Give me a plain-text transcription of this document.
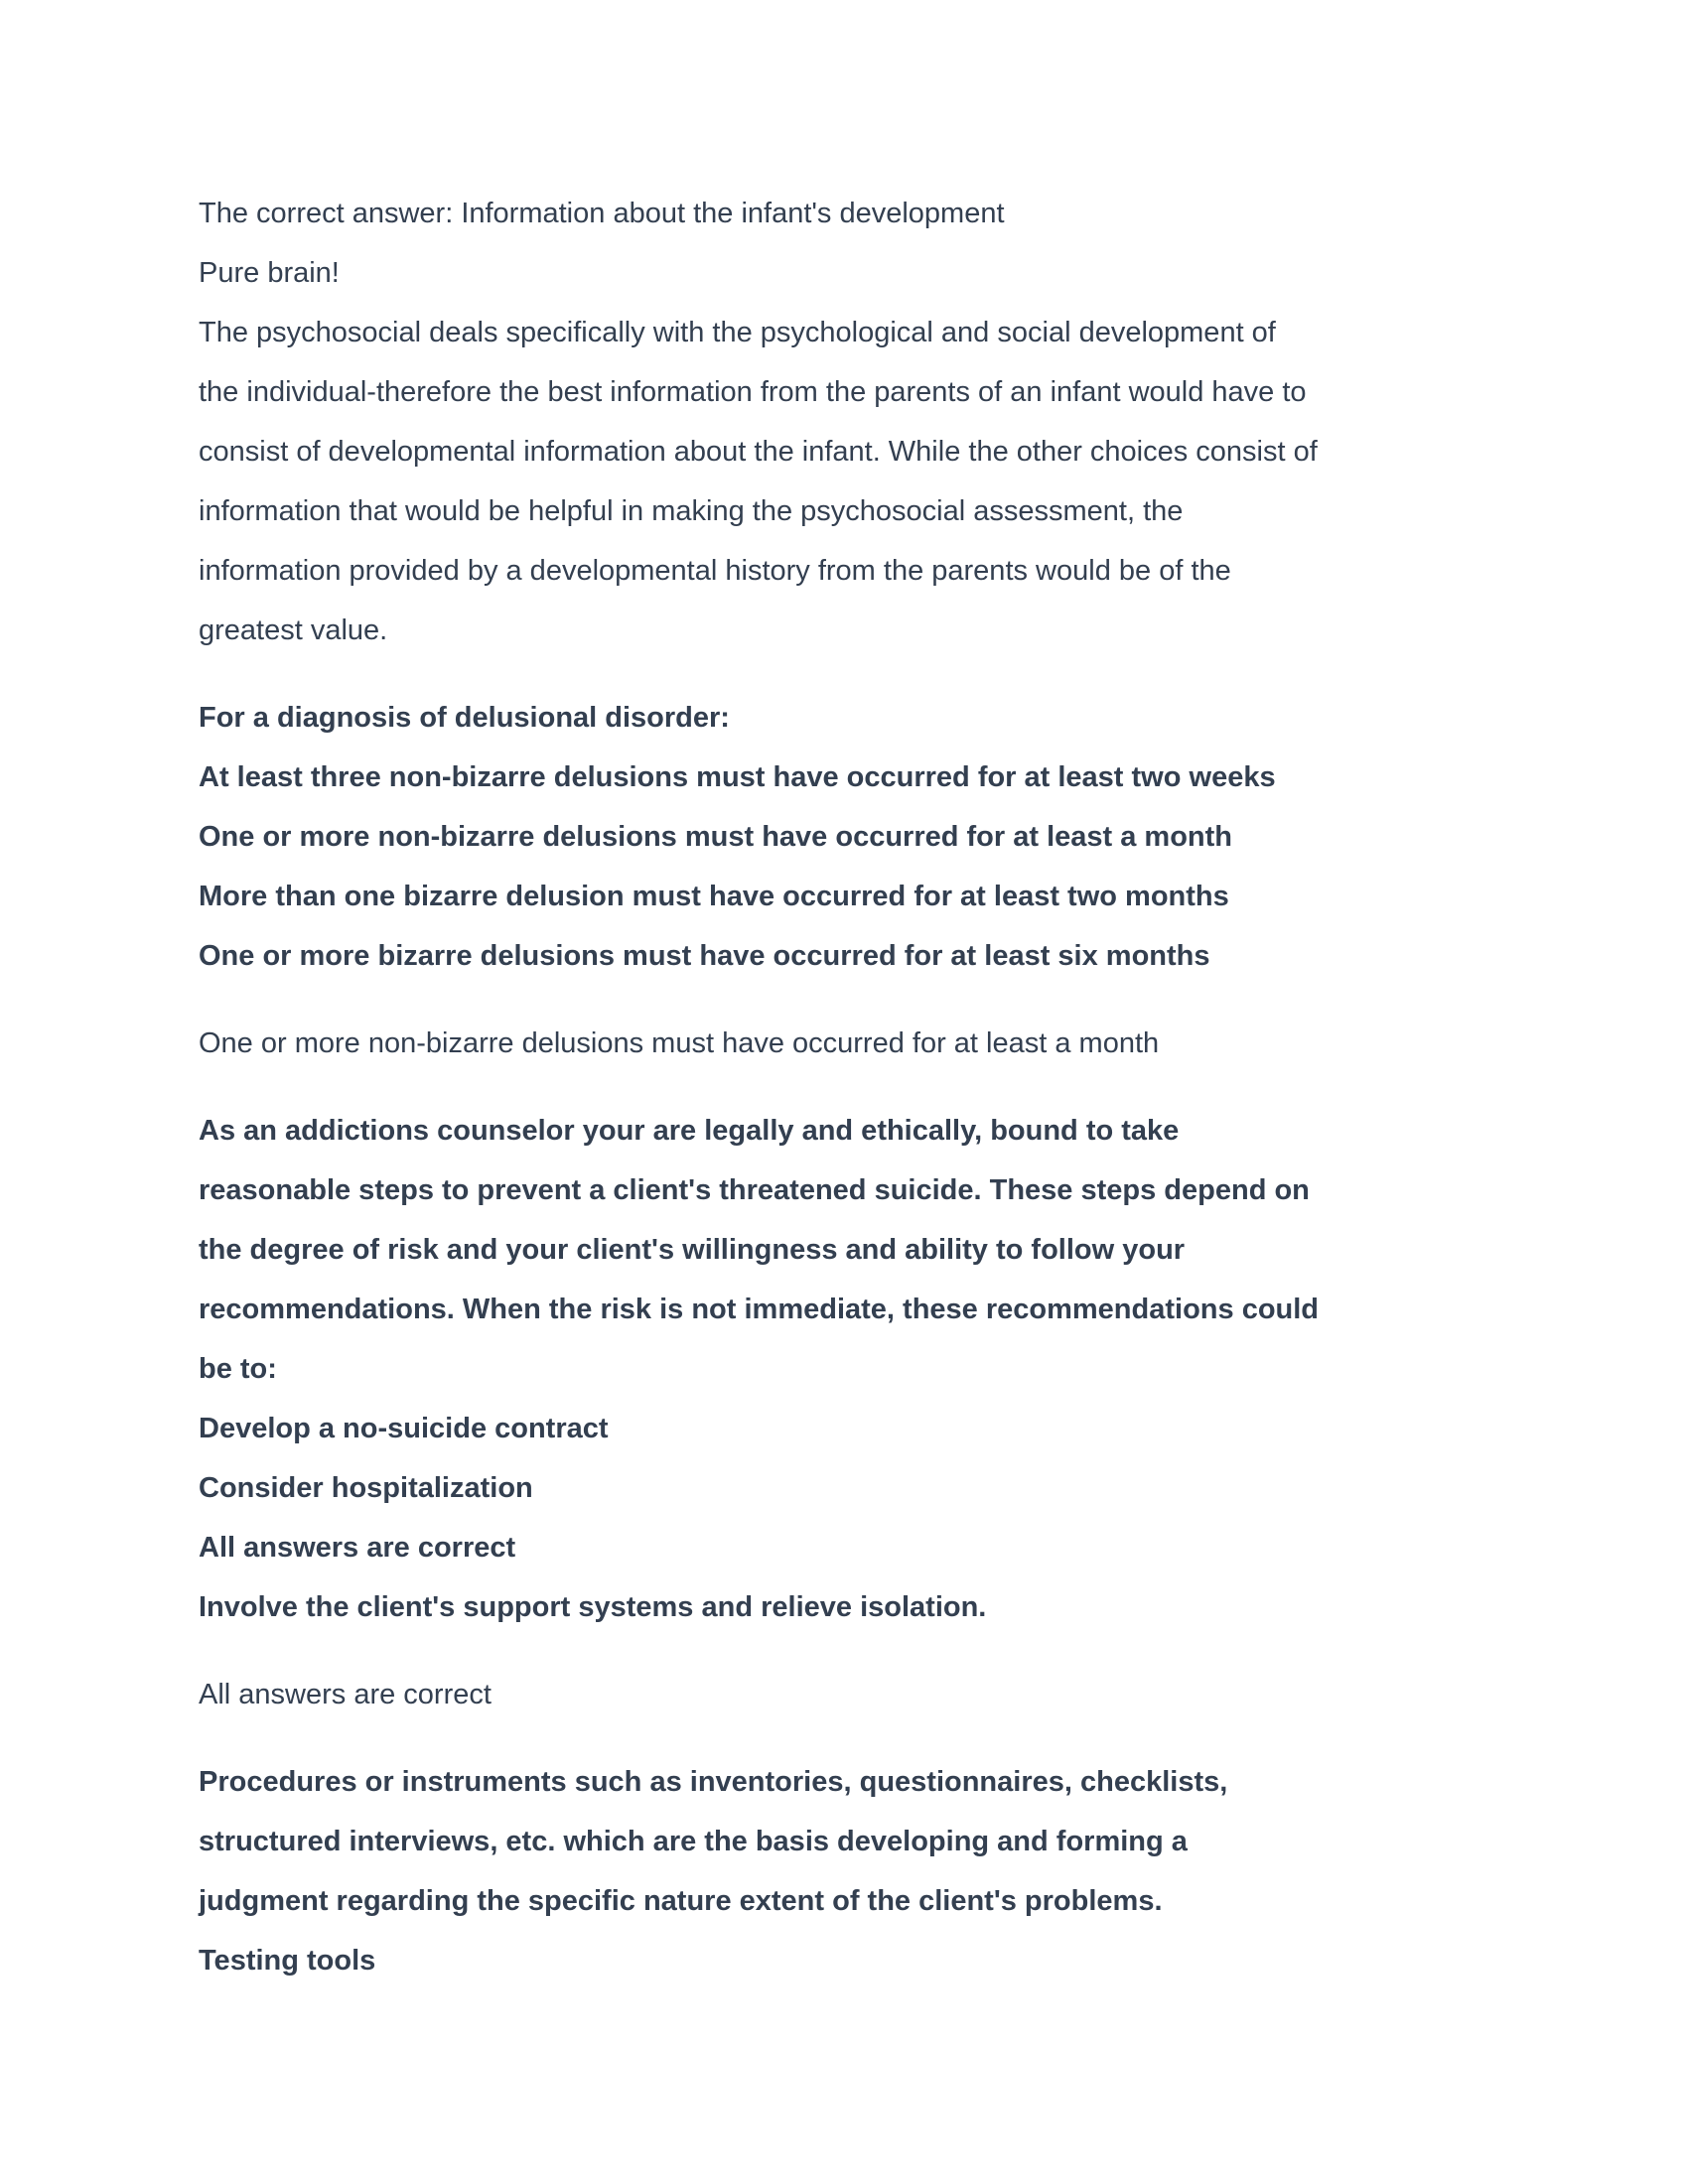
The correct answer: Information about the infant's development
Pure brain!
The psychosocial deals specifically with the psychological and social development of
the individual-therefore the best information from the parents of an infant would have to
consist of developmental information about the infant. While the other choices consist of
information that would be helpful in making the psychosocial assessment, the
information provided by a developmental history from the parents would be of the
greatest value.
For a diagnosis of delusional disorder:
At least three non-bizarre delusions must have occurred for at least two weeks
One or more non-bizarre delusions must have occurred for at least a month
More than one bizarre delusion must have occurred for at least two months
One or more bizarre delusions must have occurred for at least six months
One or more non-bizarre delusions must have occurred for at least a month
As an addictions counselor your are legally and ethically, bound to take
reasonable steps to prevent a client's threatened suicide. These steps depend on
the degree of risk and your client's willingness and ability to follow your
recommendations. When the risk is not immediate, these recommendations could
be to:
Develop a no-suicide contract
Consider hospitalization
All answers are correct
Involve the client's support systems and relieve isolation.
All answers are correct
Procedures or instruments such as inventories, questionnaires, checklists,
structured interviews, etc. which are the basis developing and forming a
judgment regarding the specific nature extent of the client's problems.
Testing tools
